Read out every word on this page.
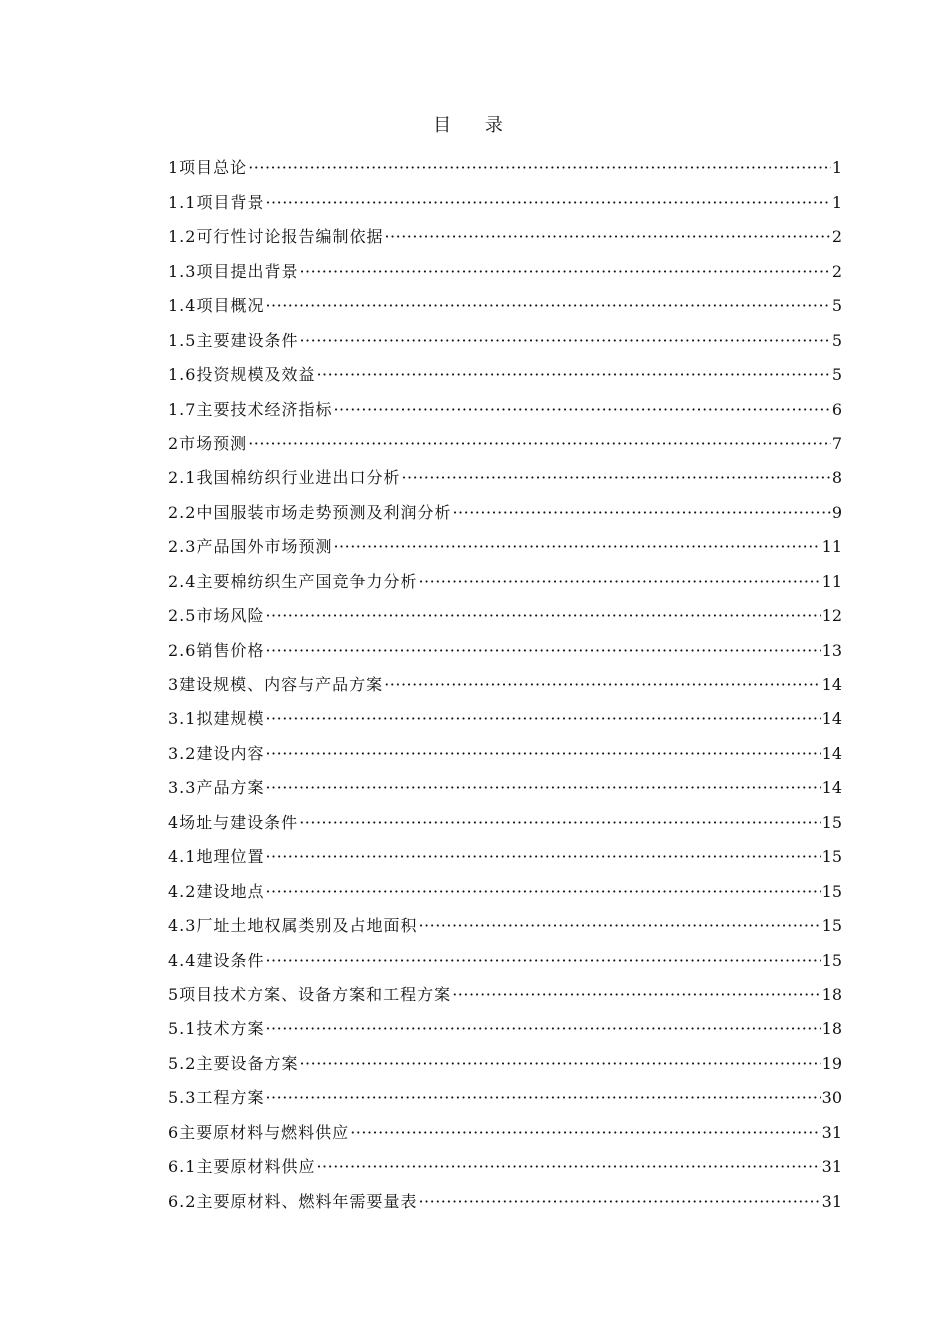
目 录
1项目总论 ·····	1
1.1项目背景 ·····	1
1.2可行性讨论报告编制依据 ·····	2
1.3项目提出背景 ·····	2
1.4项目概况 ·····	5
1.5主要建设条件 ·····	5
1.6投资规模及效益 ·····	5
1.7主要技术经济指标 ·····	6
2市场预测 ·····	7
2.1我国棉纺织行业进出口分析 ·····	8
2.2中国服装市场走势预测及利润分析 ·····	9
2.3产品国外市场预测 ·····	11
2.4主要棉纺织生产国竞争力分析 ·····	11
2.5市场风险 ·····	12
2.6销售价格 ·····	13
3建设规模、内容与产品方案 ·····	14
3.1拟建规模 ·····	14
3.2建设内容 ·····	14
3.3产品方案 ·····	14
4场址与建设条件 ·····	15
4.1地理位置 ·····	15
4.2建设地点 ·····	15
4.3厂址土地权属类别及占地面积 ·····	15
4.4建设条件 ·····	15
5项目技术方案、设备方案和工程方案 ·····	18
5.1技术方案 ·····	18
5.2主要设备方案 ·····	19
5.3工程方案 ·····	30
6主要原材料与燃料供应 ·····	31
6.1主要原材料供应 ·····	31
6.2主要原材料、燃料年需要量表 ·····	31
